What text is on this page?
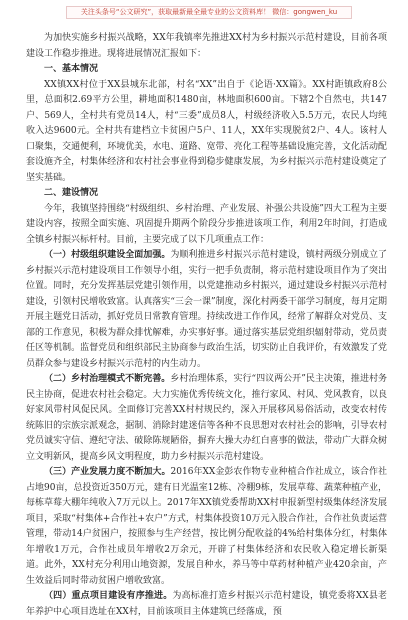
关注头条号“公文研究”，获取最新最全最专业的公文资料库！ 微信：gongwen_ku

为加快实施乡村振兴战略，XX年我镇率先推进XX村为乡村振兴示范村建设，目前各项建设工作稳步推进。现将进展情况汇报如下：

一、基本情况

XX镇XX村位于XX县城东北部，村名“XX”出自于《论语·XX篇》。XX村距镇政府8公里，总面积2.69平方公里，耕地面积1480亩，林地面积600亩。下辖2个自然屯，共147户、569人，全村共有党员14人，村“三委”成员8人，村级经济收入5.5万元，农民人均纯收入达9600元。全村共有建档立卡贫困户5户、11人，XX年实现脱贫2户、4人。该村人口聚集，交通便利，环境优美，水电、道路、宽带、亮化工程等基础设施完善，文化活动配套设施齐全，村集体经济和农村社会事业得到稳步健康发展，为乡村振兴示范村建设奠定了坚实基础。

二、建设情况

今年，我镇坚持围绕“村级组织、乡村治理、产业发展、补强公共设施”四大工程为主要建设内容，按照全面实施、巩固提升期两个阶段分步推进该项工作，利用2年时间，打造成全镇乡村振兴标杆村。目前，主要完成了以下几项重点工作：

（一）村级组织建设全面加强。为顺利推进乡村振兴示范村建设，镇村两级分别成立了乡村振兴示范村建设项目工作领导小组，实行一把手负责制，将示范村建设项目作为了突出位置。同时，充分发挥基层党建引领作用，以党建推动乡村振兴，通过建设乡村振兴示范村建设，引领村民增收致富。认真落实“三会一课”制度，深化村两委干部学习制度，每月定期开展主题党日活动，抓好党员日常教育管理。持续改进工作作风，经常了解群众对党员、支部的工作意见，积极为群众排忧解难，办实事好事。通过落实基层党组织辐射带动，党员责任区等机制。监督党员和组织部民主协商参与政治生活，切实防止自我评价，有效激发了党员群众参与建设乡村振兴示范村的内生动力。

（二）乡村治理模式不断完善。乡村治理体系，实行“四议两公开”民主决策，推进村务民主协商，促进农村社会稳定。大力实施优秀传统文化，推行家风、村风、党风教育，以良好家风带村风促民风。全面修订完善XX村村规民约，深入开展移风易俗活动，改变农村传统陈旧的宗族宗派观念，据制、消除封建迷信等各种不良思想对农村社会的影响，引导农村党员诚实守信、遵纪守法、破除陈规陋俗，摒弃大操大办红白喜事的做法，带动广大群众树立文明新风，提高乡风文明程度，助力乡村振兴示范村建设。

（三）产业发展力度不断加大。2016年XX金彭农作物专业种植合作社成立，该合作社占地90亩，总投资近350万元，建有日光温室12栋、冷棚9栋，发展草莓、蔬菜种植产业，每栋草莓大棚年纯收入7万元以上。2017年XX镇党委帮助XX村申报新型村级集体经济发展项目，采取“村集体+合作社+农户”方式，村集体投资10万元入股合作社，合作社负责运营管理，带动14户贫困户，按照参与生产经营，按比例分配收益的4%给村集体分红，村集体年增收1万元，合作社成员年增收2万余元，开辟了村集体经济和农民收入稳定增长新渠道。此外，XX村充分利用山地资源，发展自种水，养马等中草药材种植产业420余亩，产生效益后同时带动贫困户增收致富。

（四）重点项目建设有序推进。为高标准打造乡村振兴示范村建设，镇党委将XX县老年养护中心项目选址在XX村，目前该项目主体建筑已经落成，预
